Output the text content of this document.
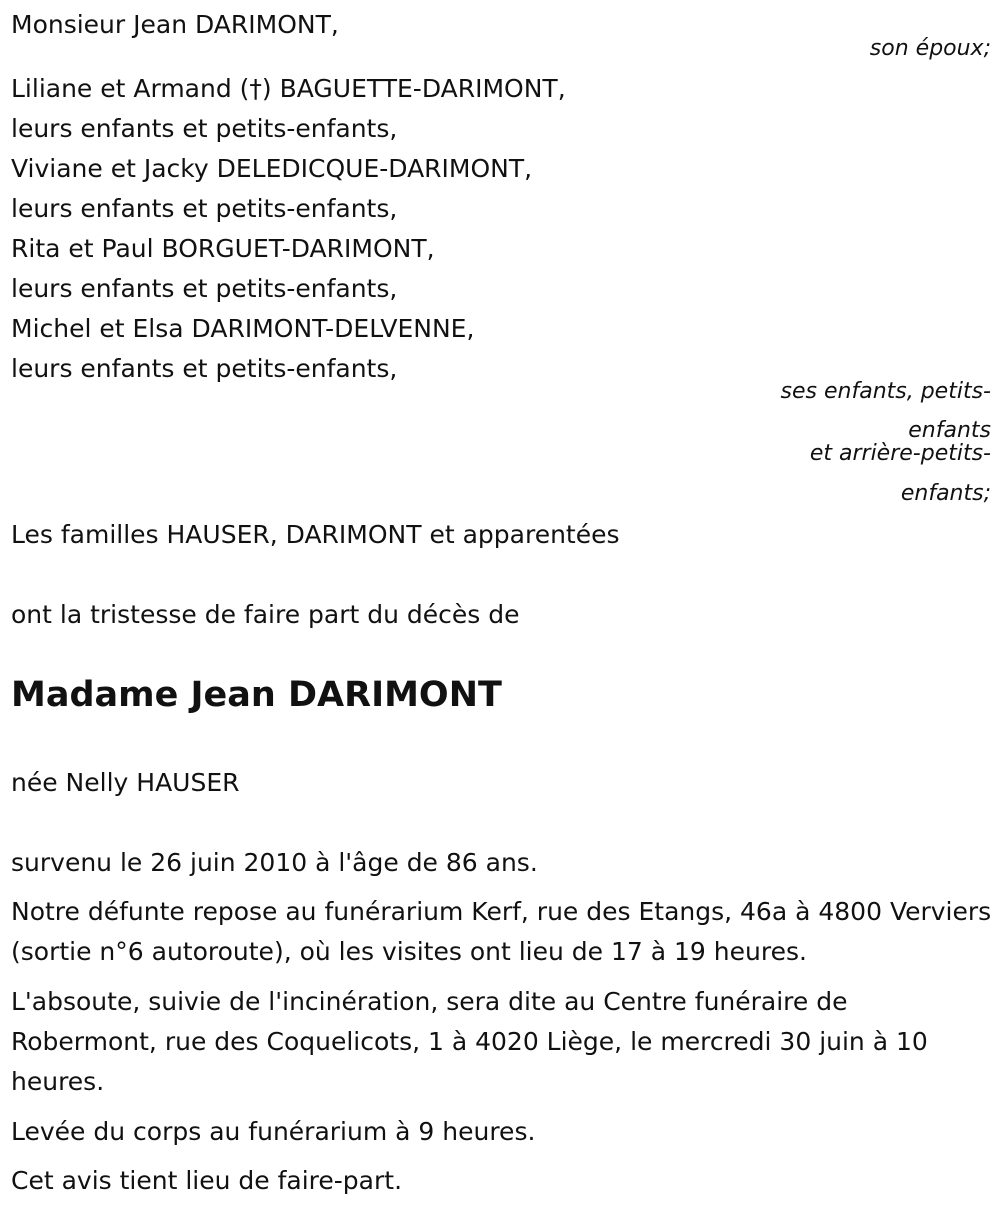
Monsieur Jean DARIMONT,

son époux;

Liliane et Armand (†) BAGUETTE-DARIMONT,

leurs enfants et petits-enfants,

Viviane et Jacky DELEDICQUE-DARIMONT,

leurs enfants et petits-enfants,

Rita et Paul BORGUET-DARIMONT,

leurs enfants et petits-enfants,

Michel et Elsa DARIMONT-DELVENNE,

leurs enfants et petits-enfants,

ses enfants, petits-

enfants

et arrière-petits-

enfants;

Les familles HAUSER, DARIMONT et apparentées

ont la tristesse de faire part du décès de

Madame Jean DARIMONT

née Nelly HAUSER

survenu le 26 juin 2010 à l'âge de 86 ans.

Notre défunte repose au funérarium Kerf, rue des Etangs, 46a à 4800 Verviers (sortie n°6 autoroute), où les visites ont lieu de 17 à 19 heures.

L'absoute, suivie de l'incinération, sera dite au Centre funéraire de Robermont, rue des Coquelicots, 1 à 4020 Liège, le mercredi 30 juin à 10 heures.

Levée du corps au funérarium à 9 heures.

Cet avis tient lieu de faire-part.
